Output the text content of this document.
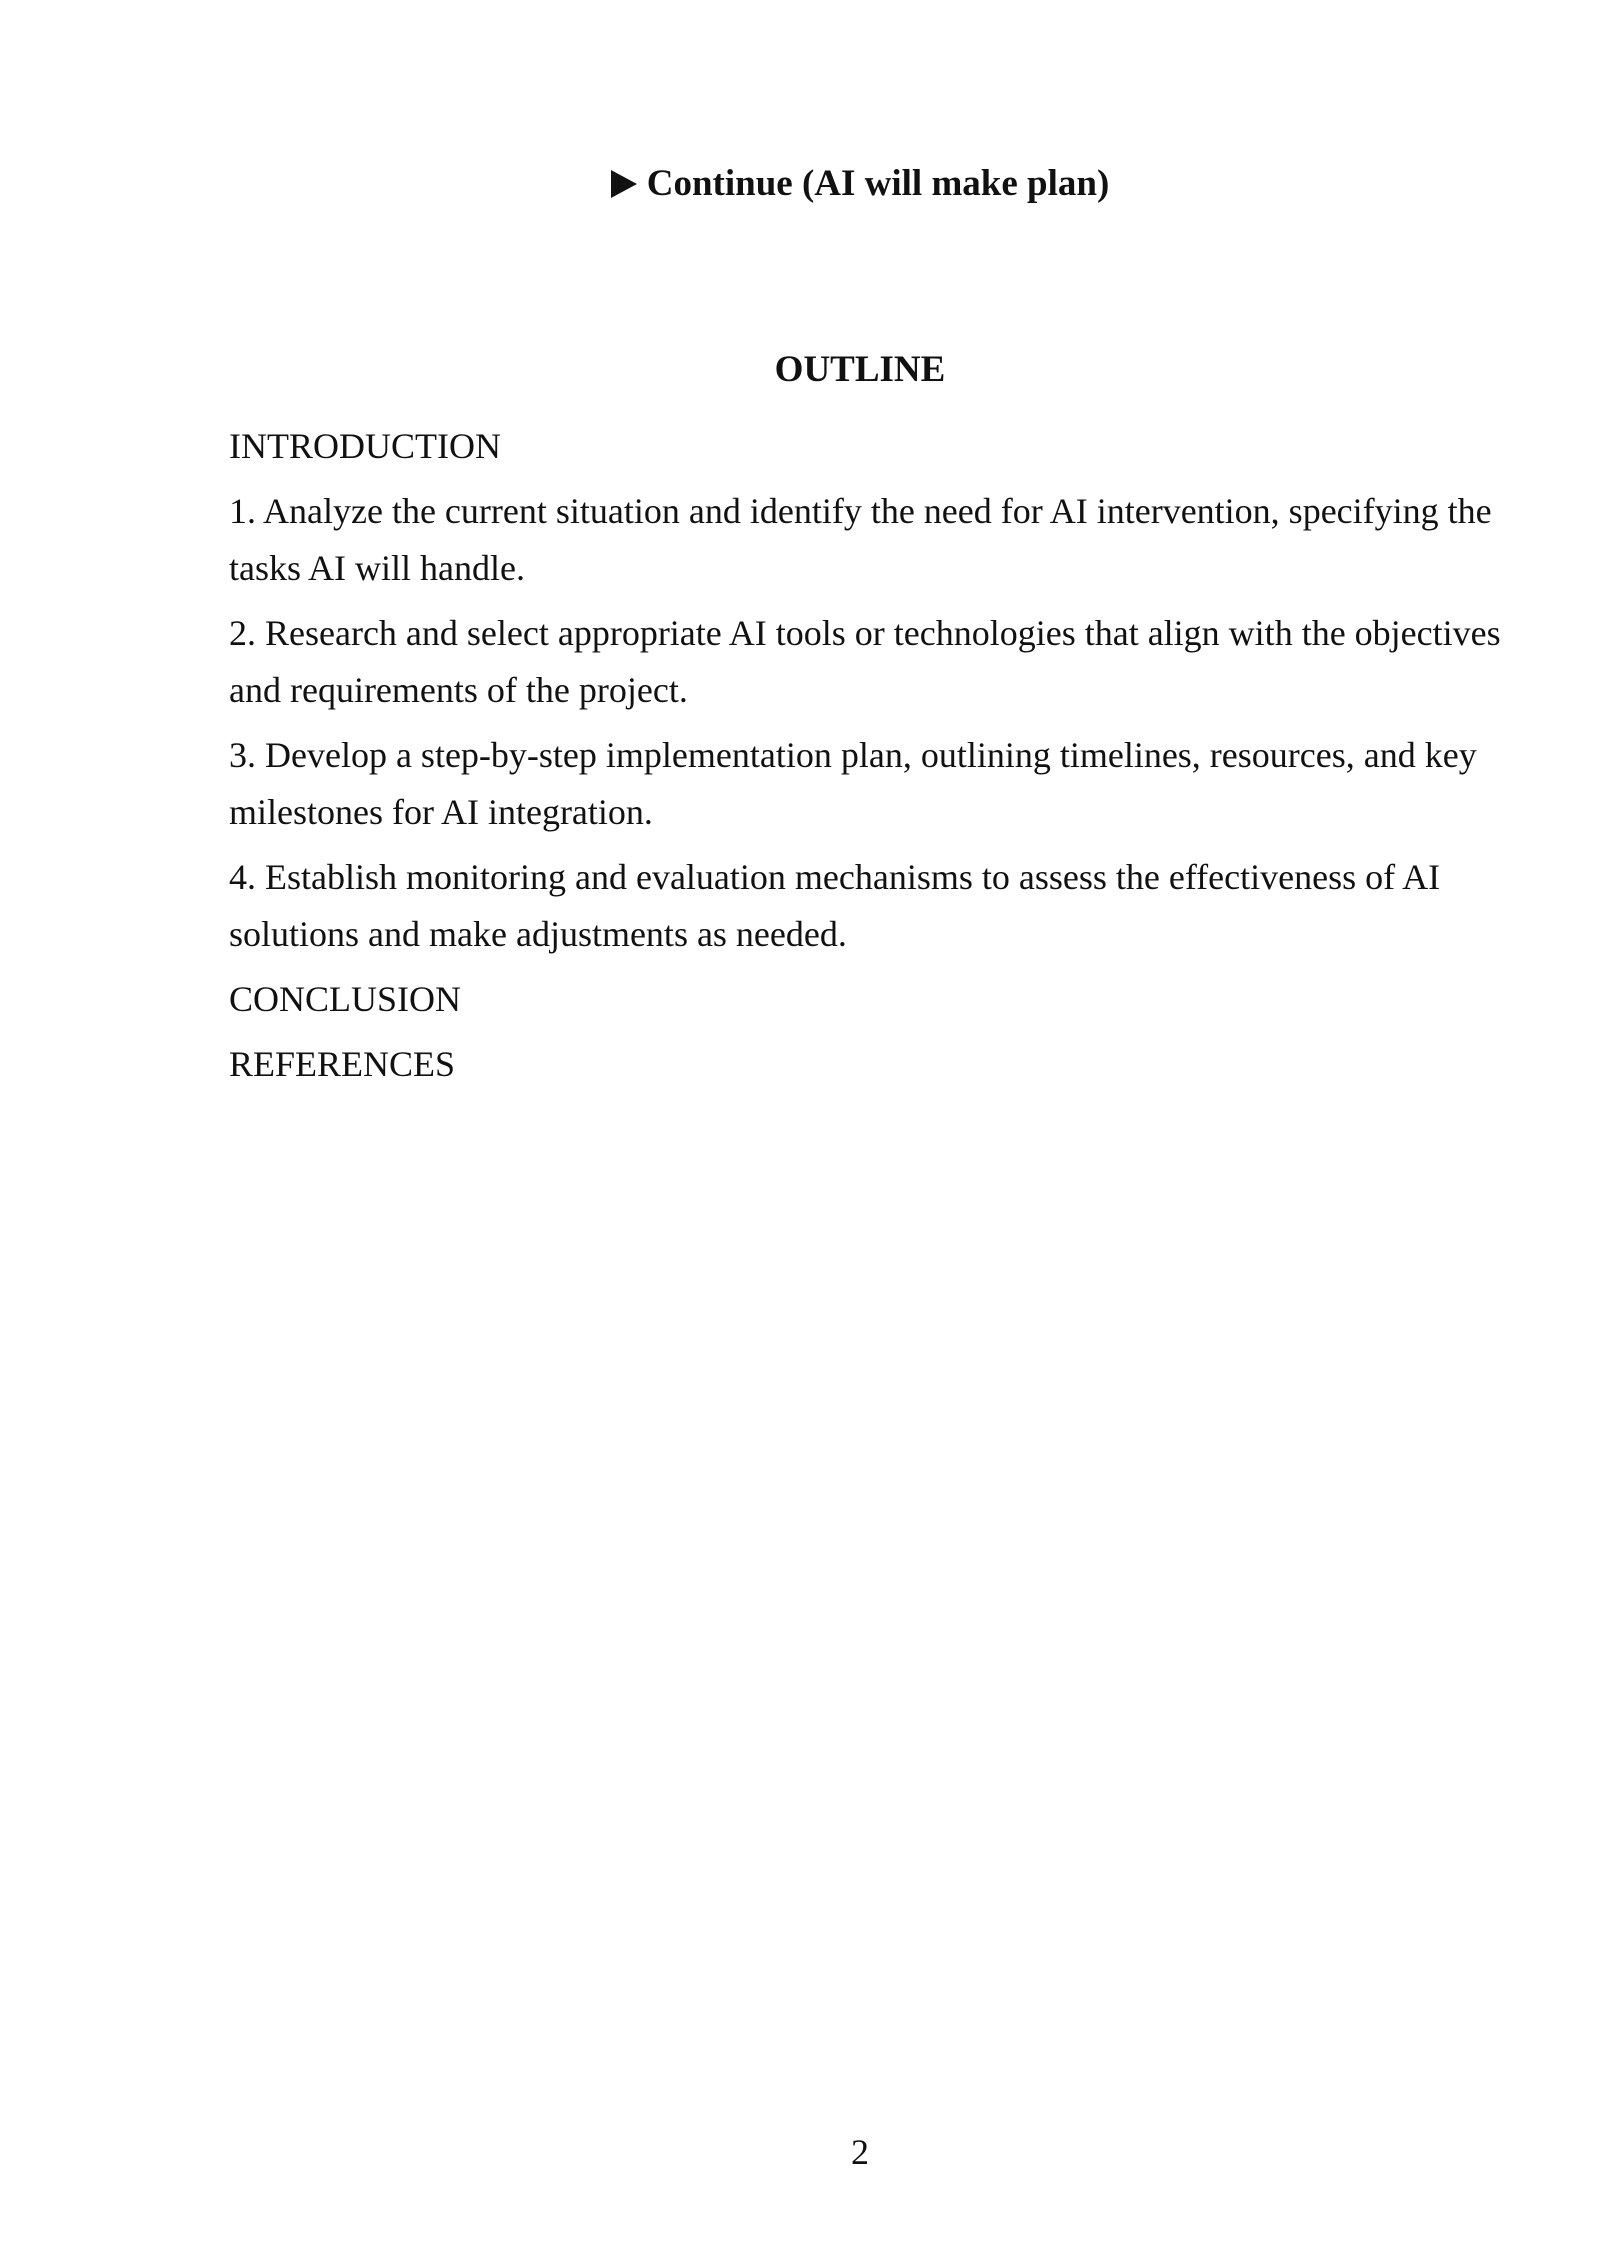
Continue (AI will make plan)
OUTLINE

INTRODUCTION

1. Analyze the current situation and identify the need for AI intervention, specifying the tasks AI will handle.

2. Research and select appropriate AI tools or technologies that align with the objectives and requirements of the project.

3. Develop a step-by-step implementation plan, outlining timelines, resources, and key milestones for AI integration.

4. Establish monitoring and evaluation mechanisms to assess the effectiveness of AI solutions and make adjustments as needed.

CONCLUSION

REFERENCES

2
